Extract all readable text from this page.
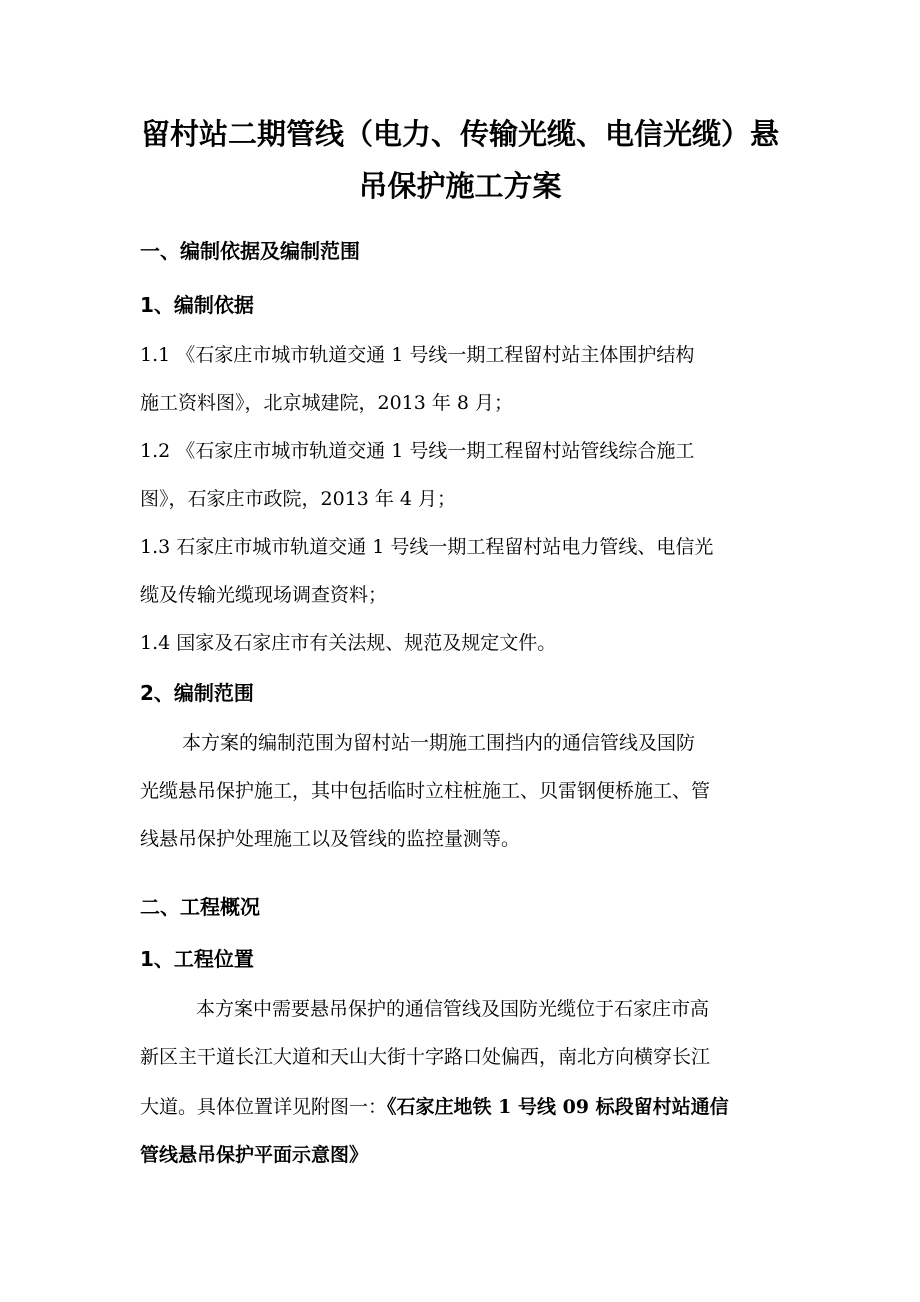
留村站二期管线（电力、传输光缆、电信光缆）悬
吊保护施工方案
一、编制依据及编制范围
1、编制依据
1.1 《石家庄市城市轨道交通 1 号线一期工程留村站主体围护结构
施工资料图》，北京城建院，2013 年 8 月；
1.2 《石家庄市城市轨道交通 1 号线一期工程留村站管线综合施工
图》，石家庄市政院，2013 年 4 月；
1.3 石家庄市城市轨道交通 1 号线一期工程留村站电力管线、电信光
缆及传输光缆现场调查资料；
1.4 国家及石家庄市有关法规、规范及规定文件。
2、编制范围
本方案的编制范围为留村站一期施工围挡内的通信管线及国防
光缆悬吊保护施工，其中包括临时立柱桩施工、贝雷钢便桥施工、管
线悬吊保护处理施工以及管线的监控量测等。
二、工程概况
1、工程位置
本方案中需要悬吊保护的通信管线及国防光缆位于石家庄市高
新区主干道长江大道和天山大街十字路口处偏西，南北方向横穿长江
大道。具体位置详见附图一：《石家庄地铁 1 号线 09 标段留村站通信
管线悬吊保护平面示意图》
